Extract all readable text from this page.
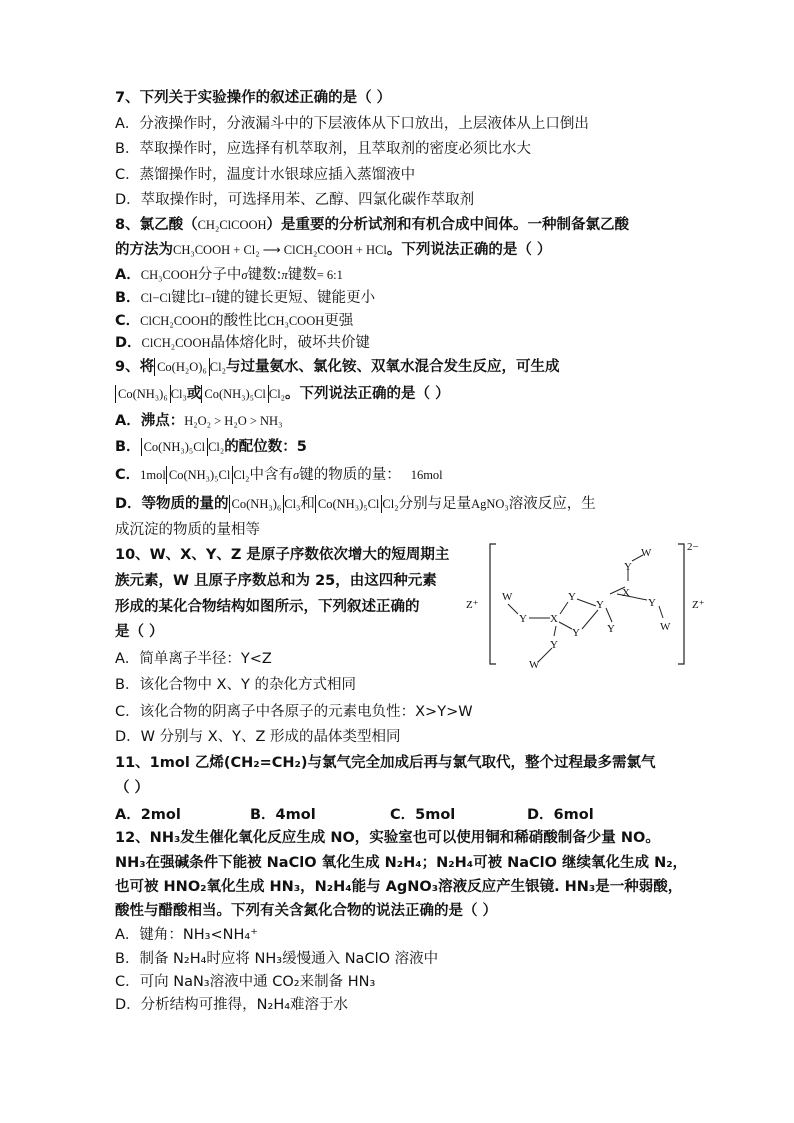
7、下列关于实验操作的叙述正确的是（ ）
A．分液操作时，分液漏斗中的下层液体从下口放出，上层液体从上口倒出
B．萃取操作时，应选择有机萃取剂，且萃取剂的密度必须比水大
C．蒸馏操作时，温度计水银球应插入蒸馏液中
D．萃取操作时，可选择用苯、乙醇、四氯化碳作萃取剂
8、氯乙酸（CH₂ClCOOH）是重要的分析试剂和有机合成中间体。一种制备氯乙酸
的方法为CH₃COOH + Cl₂ ⟶ ClCH₂COOH + HCl。下列说法正确的是（ ）
A．CH₃COOH分子中σ键数:π键数= 6:1
B．Cl−Cl键比I−I键的键长更短、键能更小
C．ClCH₂COOH的酸性比CH₃COOH更强
D．ClCH₂COOH晶体熔化时，破坏共价键
9、将 Co(H₂O)₆ Cl₂与过量氨水、氯化铵、双氧水混合发生反应，可生成
Co(NH₃)₆ Cl₃或 Co(NH₃)₅Cl Cl₂。下列说法正确的是（ ）
A．沸点：H₂O₂ > H₂O > NH₃
B． Co(NH₃)₅Cl Cl₂的配位数：5
C．1mol Co(NH₃)₅Cl Cl₂中含有σ键的物质的量： 16mol
D．等物质的量的 Co(NH₃)₆ Cl₃和 Co(NH₃)₅Cl Cl₂分别与足量AgNO₃溶液反应，生
成沉淀的物质的量相等
10、W、X、Y、Z 是原子序数依次增大的短周期主
族元素，W 且原子序数总和为 25，由这四种元素
形成的某化合物结构如图所示，下列叙述正确的
是（ ）
A．简单离子半径：Y<Z
B．该化合物中 X、Y 的杂化方式相同
C．该化合物的阴离子中各原子的元素电负性：X>Y>W
D．W 分别与 X、Y、Z 形成的晶体类型相同
2−
Z⁺	Z⁺
W
Y X
Y
Y
Y
W
Y
Y
X
Y
W
Y
W
11、1mol 乙烯(CH₂=CH₂)与氯气完全加成后再与氯气取代，整个过程最多需氯气
（ ）
A．2mol	B．4mol	C．5mol	D．6mol
12、NH₃发生催化氧化反应生成 NO，实验室也可以使用铜和稀硝酸制备少量 NO。
NH₃在强碱条件下能被 NaClO 氧化生成 N₂H₄；N₂H₄可被 NaClO 继续氧化生成 N₂，
也可被 HNO₂氧化生成 HN₃，N₂H₄能与 AgNO₃溶液反应产生银镜. HN₃是一种弱酸，
酸性与醋酸相当。下列有关含氮化合物的说法正确的是（ ）
A．键角：NH₃<NH₄⁺
B．制备 N₂H₄时应将 NH₃缓慢通入 NaClO 溶液中
C．可向 NaN₃溶液中通 CO₂来制备 HN₃
D．分析结构可推得，N₂H₄难溶于水
